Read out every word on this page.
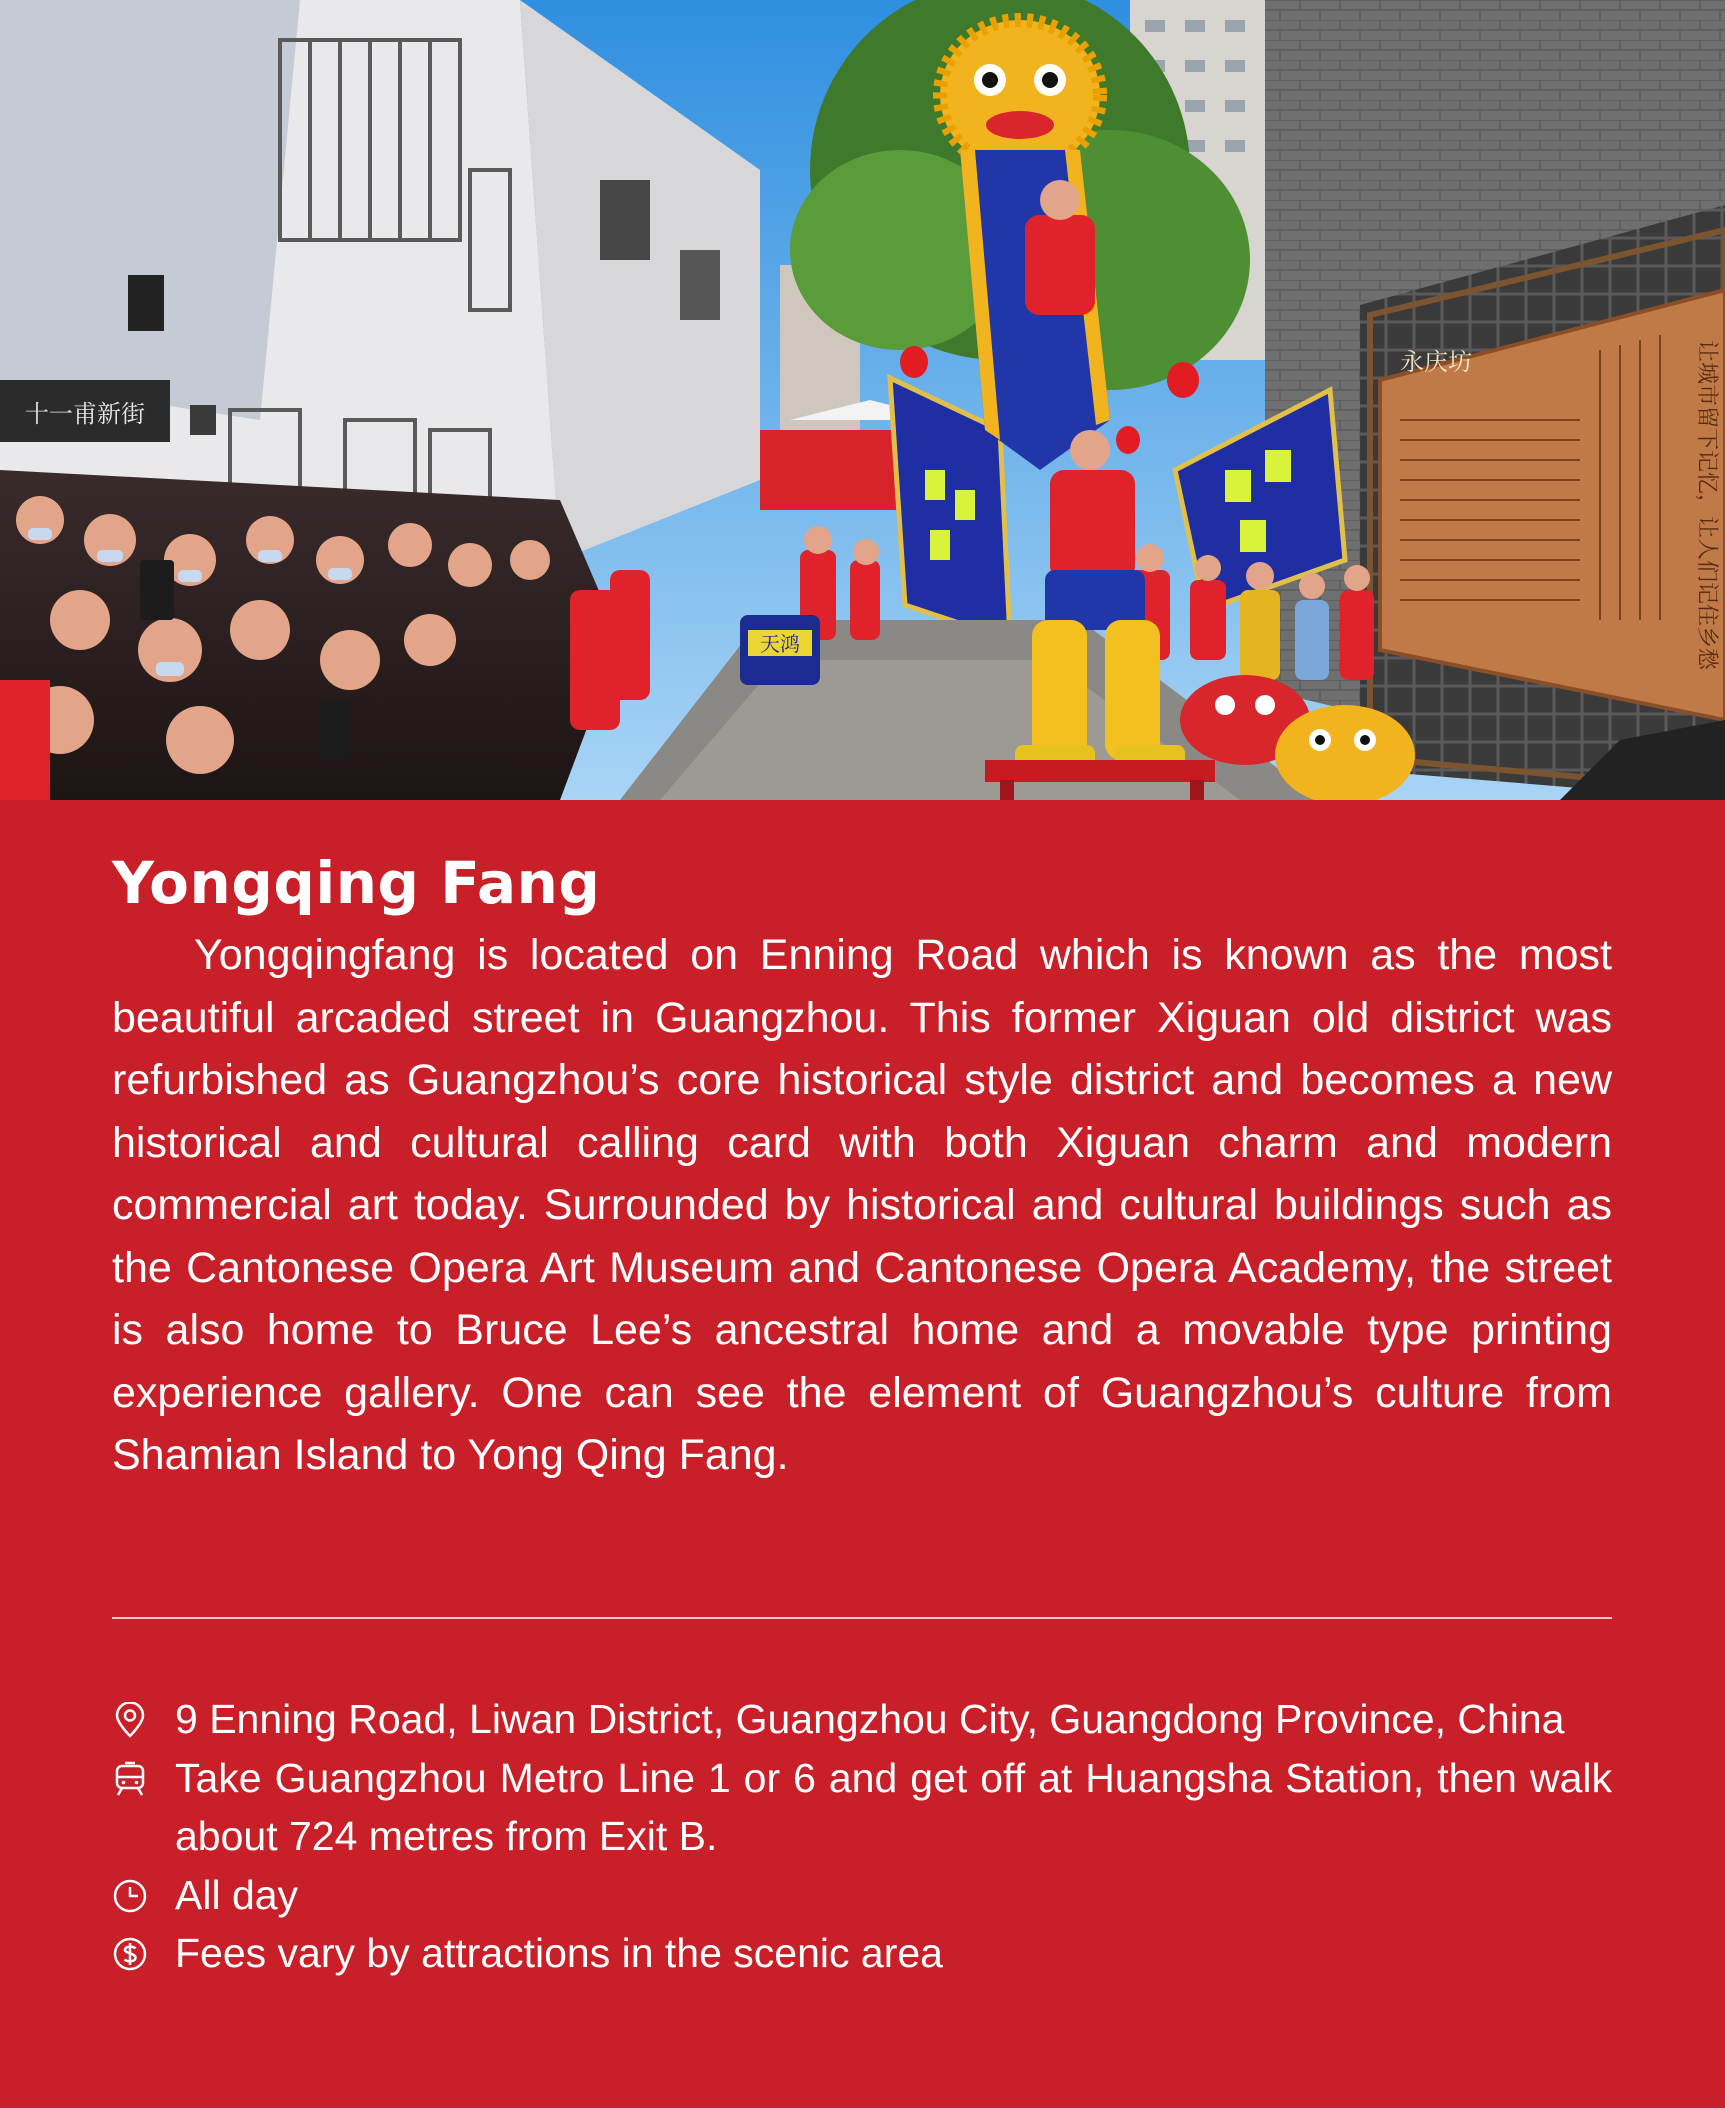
十一甫新街
永庆坊	让城市留下记忆，让人们记住乡愁
天鸿
Yongqing Fang

Yongqingfang is located on Enning Road which is known as the most beautiful arcaded street in Guangzhou. This former Xiguan old district was refurbished as Guangzhou’s core historical style district and becomes a new historical and cultural calling card with both Xiguan charm and modern commercial art today. Surrounded by historical and cultural buildings such as the Cantonese Opera Art Museum and Cantonese Opera Academy, the street is also home to Bruce Lee’s ancestral home and a movable type printing experience gallery. One can see the element of Guangzhou’s culture from Shamian Island to Yong Qing Fang.

9 Enning Road, Liwan District, Guangzhou City, Guangdong Province, China
Take Guangzhou Metro Line 1 or 6 and get off at Huangsha Station, then walk about 724 metres from Exit B.
All day
Fees vary by attractions in the scenic area
